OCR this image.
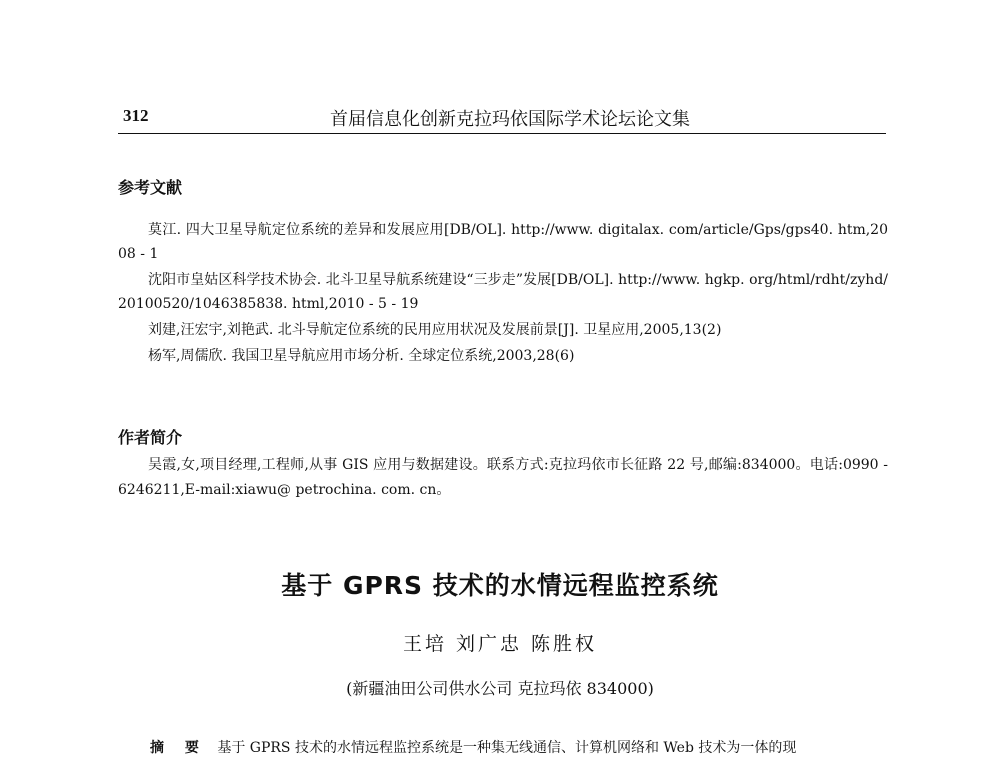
312	首届信息化创新克拉玛依国际学术论坛论文集
参考文献
莫江. 四大卫星导航定位系统的差异和发展应用[DB/OL]. http://www. digitalax. com/article/Gps/gps40. htm,2008 - 1
沈阳市皇姑区科学技术协会. 北斗卫星导航系统建设“三步走”发展[DB/OL]. http://www. hgkp. org/html/rdht/zyhd/20100520/1046385838. html,2010 - 5 - 19
刘建,汪宏宇,刘艳武. 北斗导航定位系统的民用应用状况及发展前景[J]. 卫星应用,2005,13(2)
杨军,周儒欣. 我国卫星导航应用市场分析. 全球定位系统,2003,28(6)
作者简介

吴霞,女,项目经理,工程师,从事 GIS 应用与数据建设。联系方式:克拉玛依市长征路 22 号,邮编:834000。电话:0990 - 6246211,E-mail:xiawu@ petrochina. com. cn。

基于 GPRS 技术的水情远程监控系统
王培 刘广忠 陈胜权
(新疆油田公司供水公司 克拉玛依 834000)
摘 要 基于 GPRS 技术的水情远程监控系统是一种集无线通信、计算机网络和 Web 技术为一体的现
